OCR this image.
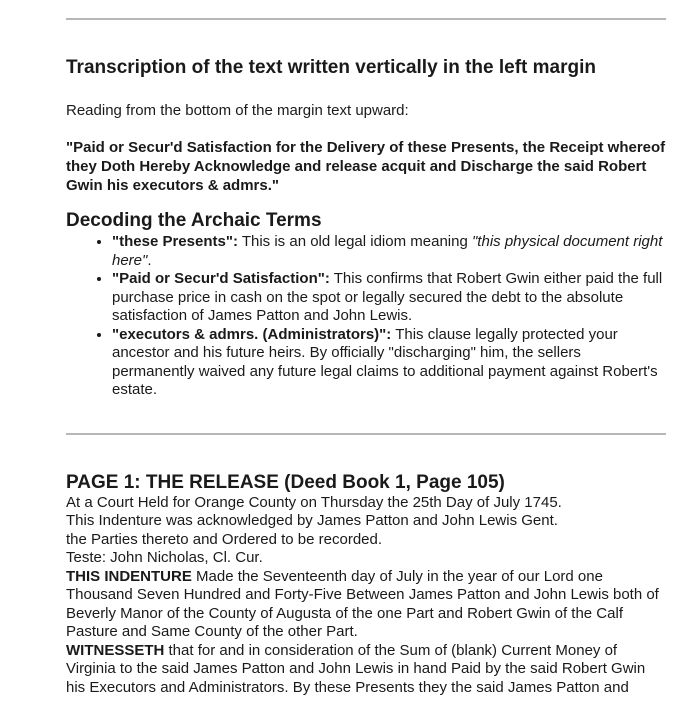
Transcription of the text written vertically in the left margin

Reading from the bottom of the margin text upward:

"Paid or Secur'd Satisfaction for the Delivery of these Presents, the Receipt whereof they Doth Hereby Acknowledge and release acquit and Discharge the said Robert Gwin his executors & admrs."

Decoding the Archaic Terms
• "these Presents": This is an old legal idiom meaning "this physical document right here".
• "Paid or Secur'd Satisfaction": This confirms that Robert Gwin either paid the full purchase price in cash on the spot or legally secured the debt to the absolute satisfaction of James Patton and John Lewis.
• "executors & admrs. (Administrators)": This clause legally protected your ancestor and his future heirs. By officially "discharging" him, the sellers permanently waived any future legal claims to additional payment against Robert's estate.
PAGE 1: THE RELEASE (Deed Book 1, Page 105)

At a Court Held for Orange County on Thursday the 25th Day of July 1745.

This Indenture was acknowledged by James Patton and John Lewis Gent.

the Parties thereto and Ordered to be recorded.

Teste: John Nicholas, Cl. Cur.

THIS INDENTURE Made the Seventeenth day of July in the year of our Lord one Thousand Seven Hundred and Forty-Five Between James Patton and John Lewis both of Beverly Manor of the County of Augusta of the one Part and Robert Gwin of the Calf Pasture and Same County of the other Part.

WITNESSETH that for and in consideration of the Sum of (blank) Current Money of Virginia to the said James Patton and John Lewis in hand Paid by the said Robert Gwin his Executors and Administrators. By these Presents they the said James Patton and
